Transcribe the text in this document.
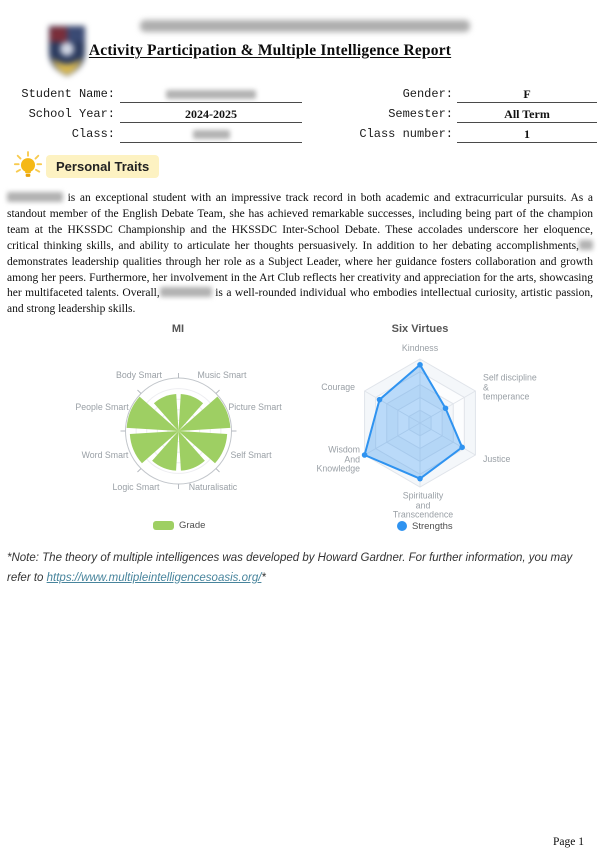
Activity Participation & Multiple Intelligence Report
Student Name:
School Year:	2024-2025
Class:
Gender:	F
Semester:	All Term
Class number:	1
Personal Traits
is an exceptional student with an impressive track record in both academic and extracurricular pursuits. As a standout member of the English Debate Team, she has achieved remarkable successes, including being part of the champion team at the HKSSDC Championship and the HKSSDC Inter-School Debate. These accolades underscore her eloquence, critical thinking skills, and ability to articulate her thoughts persuasively. In addition to her debating accomplishments, demonstrates leadership qualities through her role as a Subject Leader, where her guidance fosters collaboration and growth among her peers. Furthermore, her involvement in the Art Club reflects her creativity and appreciation for the arts, showcasing her multifaceted talents. Overall,	is a well-rounded individual who embodies intellectual curiosity, artistic passion, and strong leadership skills.
MI
People Smart
Body Smart	Music Smart
Picture Smart
Self Smart
Naturalisatic
Logic Smart
Word Smart
Grade
Six Virtues
Kindness
Self discipline
&
temperance
Justice
Spirituality
and
Transcendence
Wisdom
And
Knowledge
Courage
Strengths
*Note: The theory of multiple intelligences was developed by Howard Gardner. For further information, you may refer to https://www.multipleintelligencesoasis.org/*
Page 1
